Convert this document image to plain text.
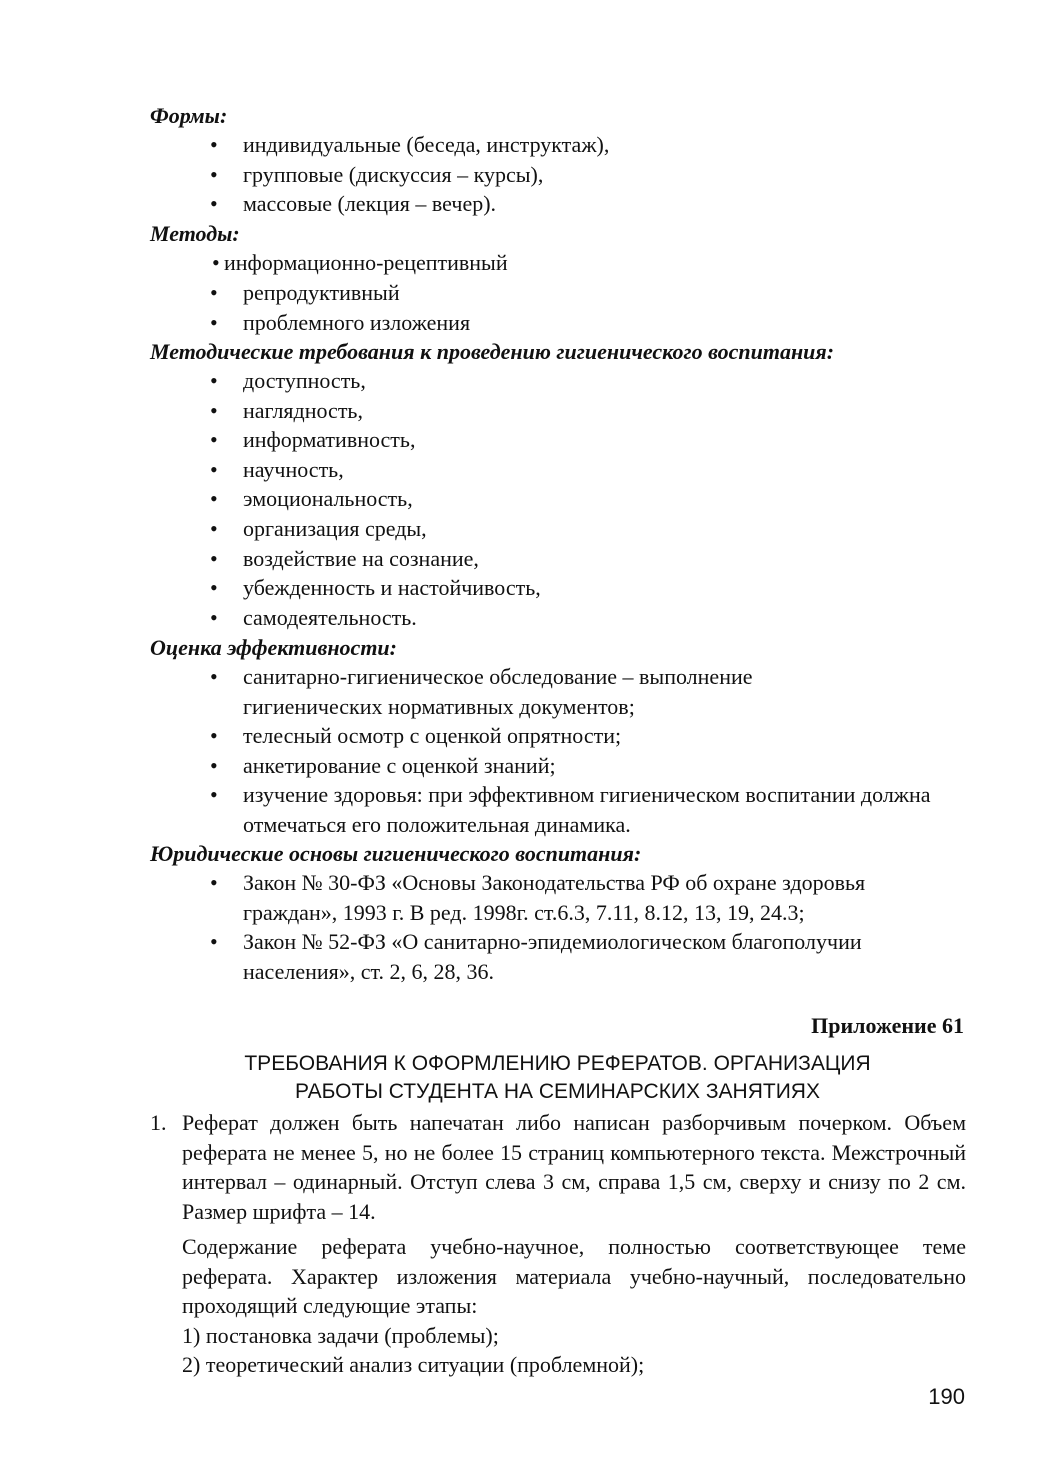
Формы:
• индивидуальные (беседа, инструктаж),
• групповые (дискуссия – курсы),
• массовые (лекция – вечер).
Методы:
• информационно-рецептивный
• репродуктивный
• проблемного изложения
Методические требования к проведению гигиенического воспитания:
• доступность,
• наглядность,
• информативность,
• научность,
• эмоциональность,
• организация среды,
• воздействие на сознание,
• убежденность и настойчивость,
• самодеятельность.
Оценка эффективности:
• санитарно-гигиеническое обследование – выполнение гигиенических нормативных документов;
• телесный осмотр с оценкой опрятности;
• анкетирование с оценкой знаний;
• изучение здоровья: при эффективном гигиеническом воспитании должна отмечаться его положительная динамика.
Юридические основы гигиенического воспитания:
• Закон № 30-ФЗ «Основы Законодательства РФ об охране здоровья граждан», 1993 г. В ред. 1998г. ст.6.3, 7.11, 8.12, 13, 19, 24.3;
• Закон № 52-ФЗ «О санитарно-эпидемиологическом благополучии населения», ст. 2, 6, 28, 36.
Приложение 61
ТРЕБОВАНИЯ К ОФОРМЛЕНИЮ РЕФЕРАТОВ. ОРГАНИЗАЦИЯ
РАБОТЫ СТУДЕНТА НА СЕМИНАРСКИХ ЗАНЯТИЯХ
1. Реферат должен быть напечатан либо написан разборчивым почерком. Объем реферата не менее 5, но не более 15 страниц компьютерного текста. Межстрочный интервал – одинарный. Отступ слева 3 см, справа 1,5 см, сверху и снизу по 2 см. Размер шрифта – 14.
Содержание реферата учебно-научное, полностью соответствующее теме реферата. Характер изложения материала учебно-научный, последовательно проходящий следующие этапы:
1) постановка задачи (проблемы);
2) теоретический анализ ситуации (проблемной);
190
